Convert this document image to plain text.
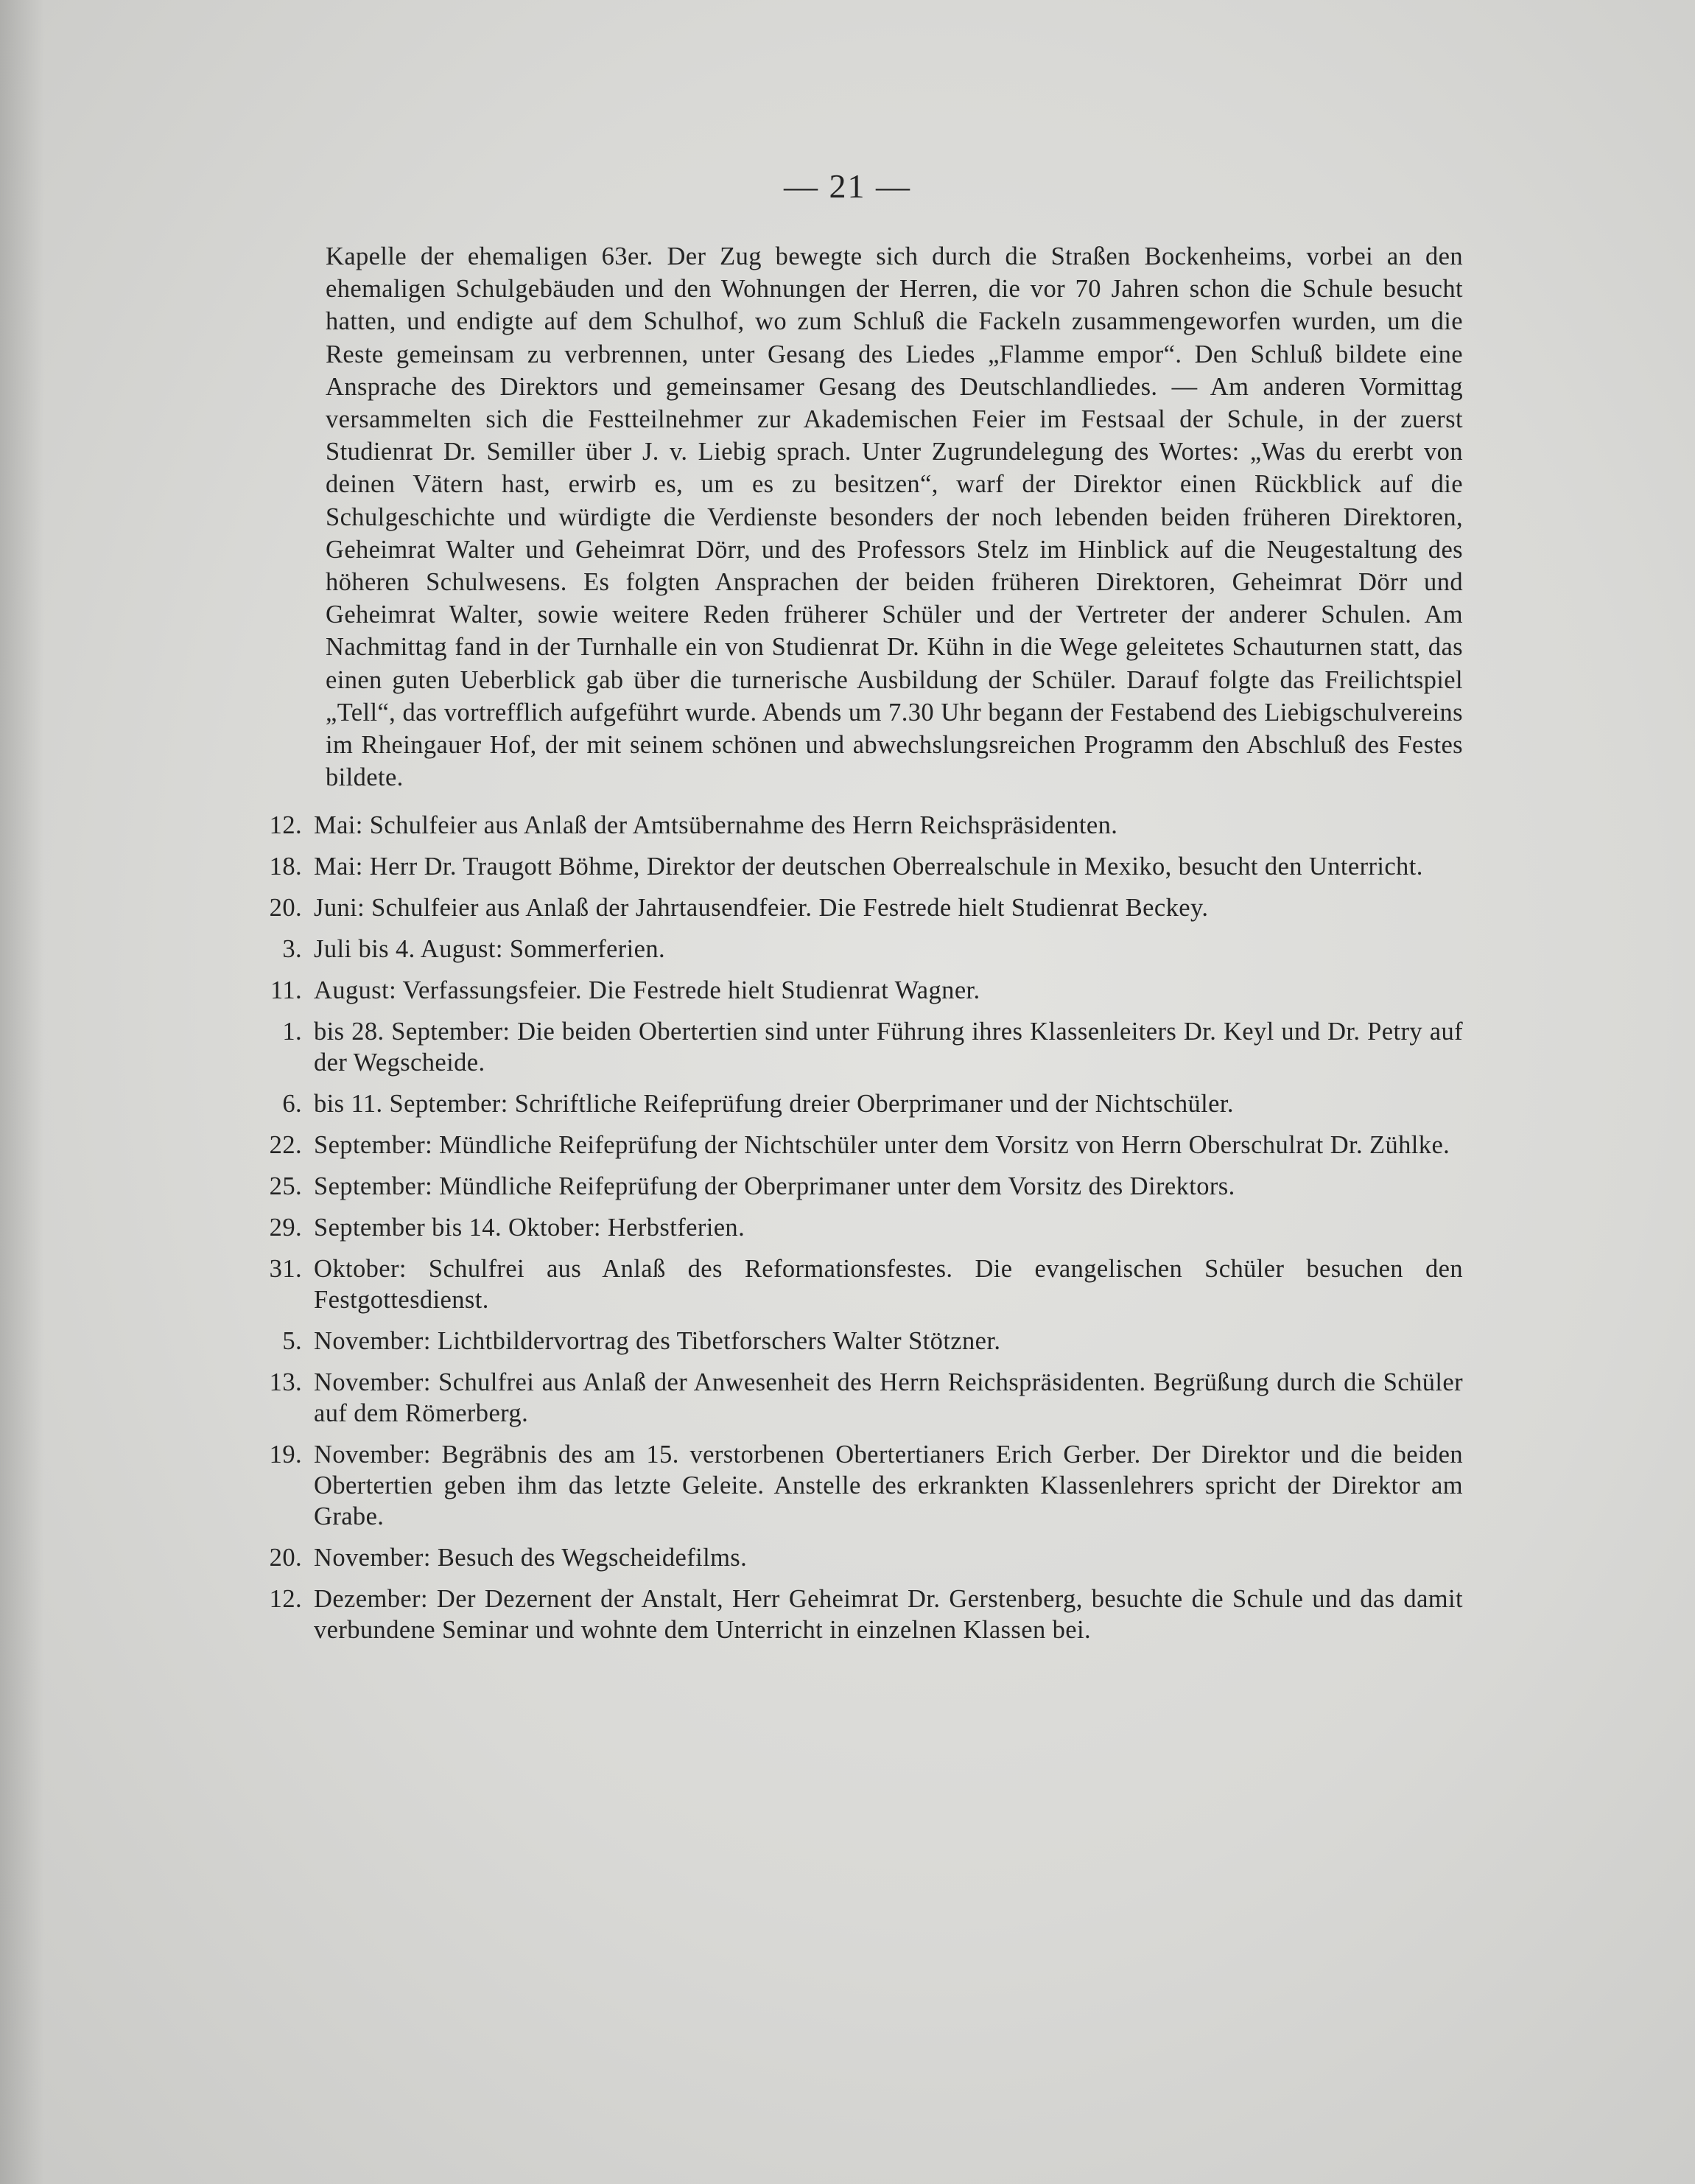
— 21 —

Kapelle der ehemaligen 63er. Der Zug bewegte sich durch die Straßen Bockenheims, vorbei an den ehemaligen Schulgebäuden und den Wohnungen der Herren, die vor 70 Jahren schon die Schule besucht hatten, und endigte auf dem Schulhof, wo zum Schluß die Fackeln zusammengeworfen wurden, um die Reste gemeinsam zu verbrennen, unter Gesang des Liedes „Flamme empor“. Den Schluß bildete eine Ansprache des Direktors und gemeinsamer Gesang des Deutschlandliedes. — Am anderen Vormittag versammelten sich die Festteilnehmer zur Akademischen Feier im Festsaal der Schule, in der zuerst Studienrat Dr. Semiller über J. v. Liebig sprach. Unter Zugrundelegung des Wortes: „Was du ererbt von deinen Vätern hast, erwirb es, um es zu besitzen“, warf der Direktor einen Rückblick auf die Schulgeschichte und würdigte die Verdienste besonders der noch lebenden beiden früheren Direktoren, Geheimrat Walter und Geheimrat Dörr, und des Professors Stelz im Hinblick auf die Neugestaltung des höheren Schulwesens. Es folgten Ansprachen der beiden früheren Direktoren, Geheimrat Dörr und Geheimrat Walter, sowie weitere Reden früherer Schüler und der Vertreter der anderer Schulen. Am Nachmittag fand in der Turnhalle ein von Studienrat Dr. Kühn in die Wege geleitetes Schauturnen statt, das einen guten Ueberblick gab über die turnerische Ausbildung der Schüler. Darauf folgte das Freilichtspiel „Tell“, das vortrefflich aufgeführt wurde. Abends um 7.30 Uhr begann der Festabend des Liebigschulvereins im Rheingauer Hof, der mit seinem schönen und abwechslungsreichen Programm den Abschluß des Festes bildete.

12. Mai: Schulfeier aus Anlaß der Amtsübernahme des Herrn Reichspräsidenten.
18. Mai: Herr Dr. Traugott Böhme, Direktor der deutschen Oberrealschule in Mexiko, besucht den Unterricht.
20. Juni: Schulfeier aus Anlaß der Jahrtausendfeier. Die Festrede hielt Studienrat Beckey.
3. Juli bis 4. August: Sommerferien.
11. August: Verfassungsfeier. Die Festrede hielt Studienrat Wagner.
1. bis 28. September: Die beiden Obertertien sind unter Führung ihres Klassenleiters Dr. Keyl und Dr. Petry auf der Wegscheide.
6. bis 11. September: Schriftliche Reifeprüfung dreier Oberprimaner und der Nichtschüler.
22. September: Mündliche Reifeprüfung der Nichtschüler unter dem Vorsitz von Herrn Oberschulrat Dr. Zühlke.
25. September: Mündliche Reifeprüfung der Oberprimaner unter dem Vorsitz des Direktors.
29. September bis 14. Oktober: Herbstferien.
31. Oktober: Schulfrei aus Anlaß des Reformationsfestes. Die evangelischen Schüler besuchen den Festgottesdienst.
5. November: Lichtbildervortrag des Tibetforschers Walter Stötzner.
13. November: Schulfrei aus Anlaß der Anwesenheit des Herrn Reichspräsidenten. Begrüßung durch die Schüler auf dem Römerberg.
19. November: Begräbnis des am 15. verstorbenen Obertertianers Erich Gerber. Der Direktor und die beiden Obertertien geben ihm das letzte Geleite. Anstelle des erkrankten Klassenlehrers spricht der Direktor am Grabe.
20. November: Besuch des Wegscheidefilms.
12. Dezember: Der Dezernent der Anstalt, Herr Geheimrat Dr. Gerstenberg, besuchte die Schule und das damit verbundene Seminar und wohnte dem Unterricht in einzelnen Klassen bei.
